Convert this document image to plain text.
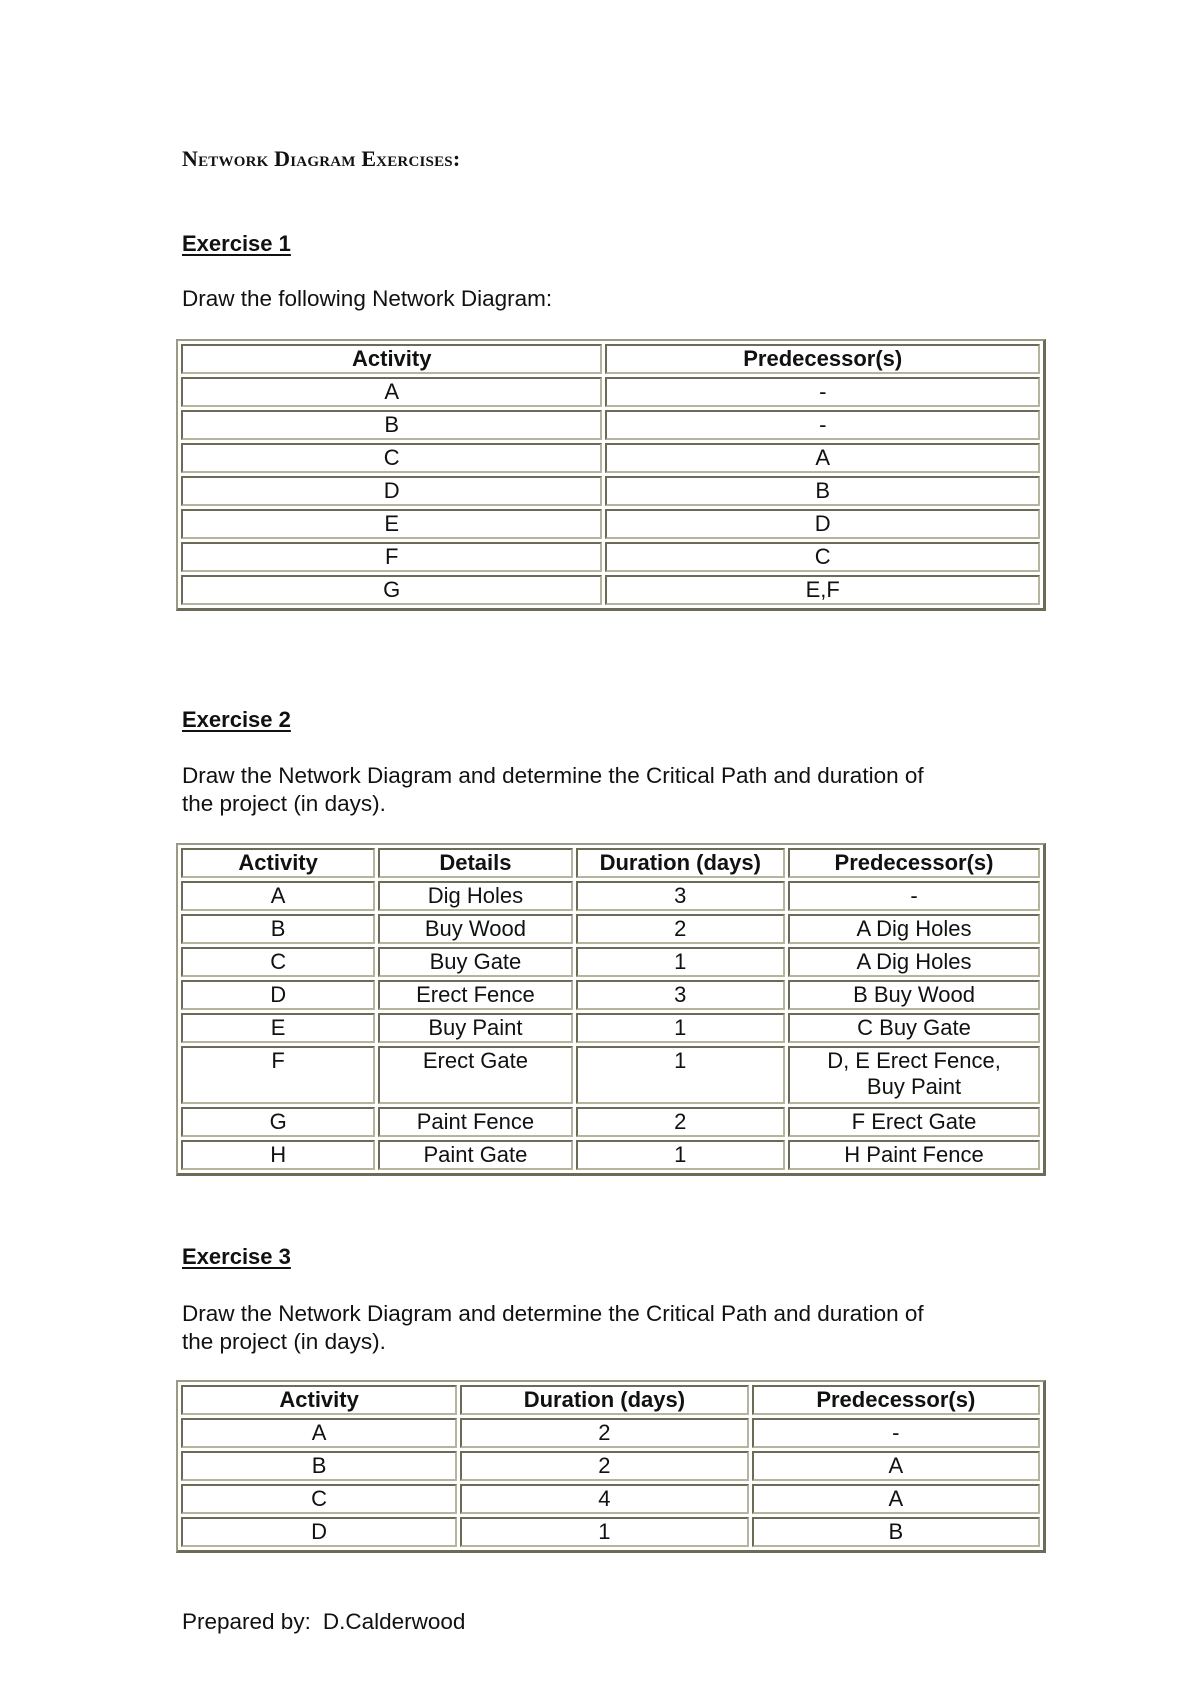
Network Diagram Exercises:
Exercise 1
Draw the following Network Diagram:
Activity	Predecessor(s)
A	-
B	-
C	A
D	B
E	D
F	C
G	E,F
Exercise 2
Draw the Network Diagram and determine the Critical Path and duration of
the project (in days).
Activity	Details	Duration (days)	Predecessor(s)
A	Dig Holes	3	-
B	Buy Wood	2	A Dig Holes
C	Buy Gate	1	A Dig Holes
D	Erect Fence	3	B Buy Wood
E	Buy Paint	1	C Buy Gate
F	Erect Gate	1	D, E Erect Fence,
Buy Paint

G	Paint Fence	2	F Erect Gate
H	Paint Gate	1	H Paint Fence
Exercise 3
Draw the Network Diagram and determine the Critical Path and duration of
the project (in days).
Activity	Duration (days)	Predecessor(s)
A	2	-
B	2	A
C	4	A
D	1	B
Prepared by: D.Calderwood
